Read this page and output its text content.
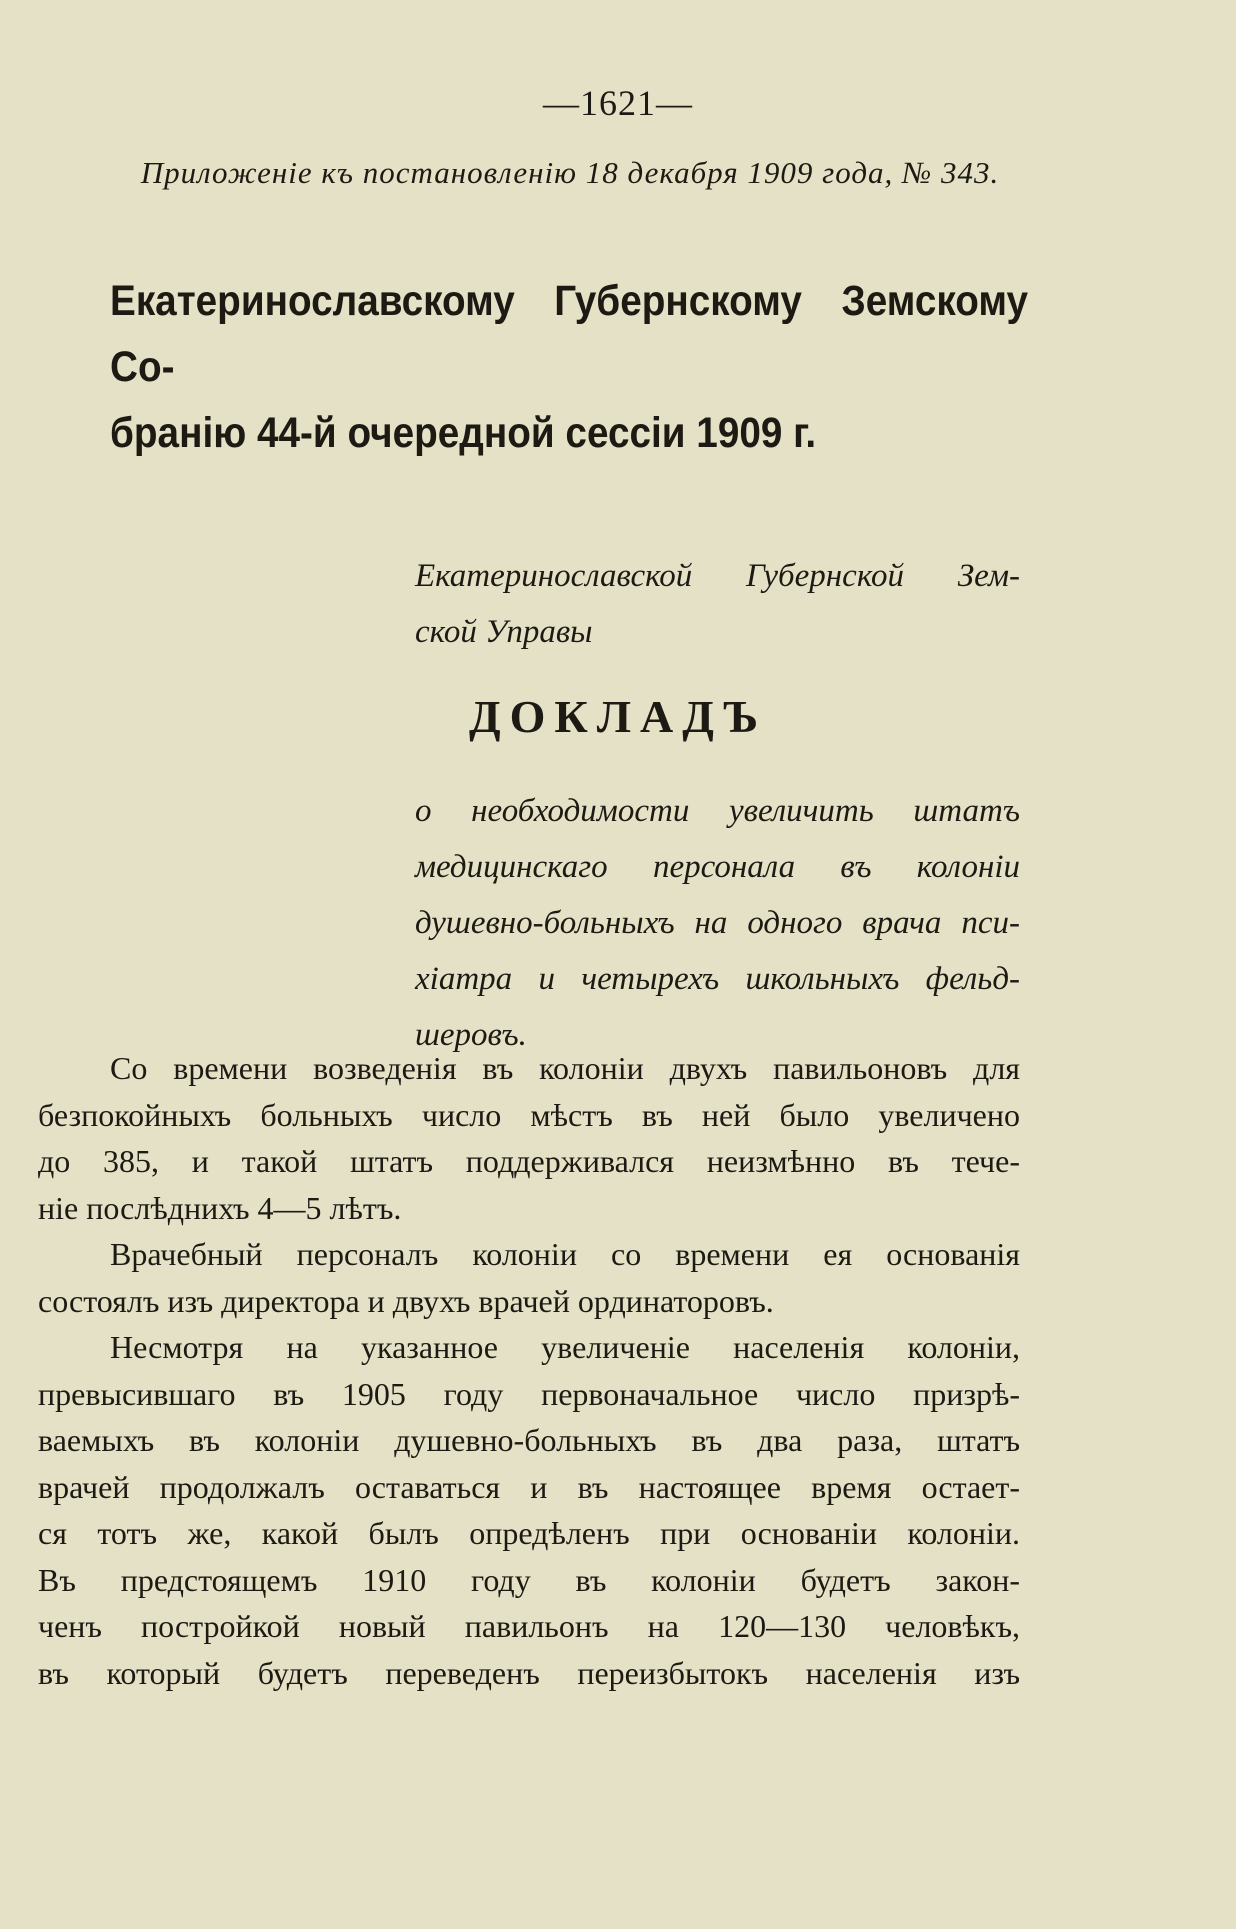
—1621—
Приложенie къ постановленiю 18 декабря 1909 года, № 343.
Екатеринославскому Губернскому Земскому Со-
бранiю 44-й очередной сессiи 1909 г.
Екатеринославской Губернской Зем-
ской Управы
ДОКЛАДЪ
о необходимости увеличить штатъ
медицинскаго персонала въ колонiи
душевно-больныхъ на одного врача пси-
хiатра и четырехъ школьныхъ фельд-
шеровъ.
Со времени возведенiя въ колонiи двухъ павильоновъ для
безпокойныхъ больныхъ число мѣстъ въ ней было увеличено
до 385, и такой штатъ поддерживался неизмѣнно въ тече-
нiе послѣднихъ 4—5 лѣтъ.
Врачебный персоналъ колонiи со времени ея основанiя
состоялъ изъ директора и двухъ врачей ординаторовъ.
Несмотря на указанное увеличенiе населенiя колонiи,
превысившаго въ 1905 году первоначальное число призрѣ-
ваемыхъ въ колонiи душевно-больныхъ въ два раза, штатъ
врачей продолжалъ оставаться и въ настоящее время остает-
ся тотъ же, какой былъ опредѣленъ при основанiи колонiи.
Въ предстоящемъ 1910 году въ колонiи будетъ закон-
ченъ постройкой новый павильонъ на 120—130 человѣкъ,
въ который будетъ переведенъ переизбытокъ населенiя изъ
